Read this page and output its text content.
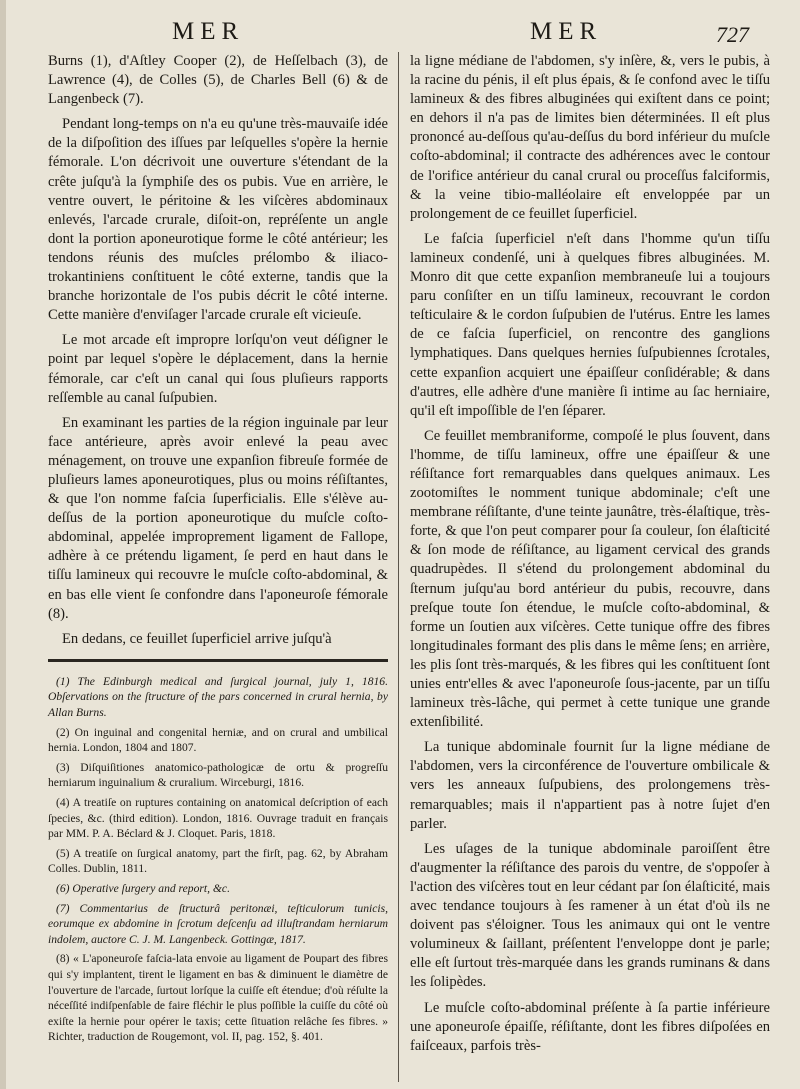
MER	MER	727

Burns (1), d'Aſtley Cooper (2), de Heſſelbach (3), de Lawrence (4), de Colles (5), de Charles Bell (6) & de Langenbeck (7).

Pendant long-temps on n'a eu qu'une très-mauvaiſe idée de la diſpoſition des iſſues par leſquelles s'opère la hernie fémorale. L'on décrivoit une ouverture s'étendant de la crête juſqu'à la ſymphiſe des os pubis. Vue en arrière, le ventre ouvert, le péritoine & les viſcères abdominaux enlevés, l'arcade crurale, diſoit-on, repréſente un angle dont la portion aponeurotique forme le côté antérieur; les tendons réunis des muſcles prélombo & iliaco-trokantiniens conſtituent le côté externe, tandis que la branche horizontale de l'os pubis décrit le côté interne. Cette manière d'enviſager l'arcade crurale eſt vicieuſe.

Le mot arcade eſt impropre lorſqu'on veut déſigner le point par lequel s'opère le déplacement, dans la hernie fémorale, car c'eſt un canal qui ſous pluſieurs rapports reſſemble au canal ſuſpubien.

En examinant les parties de la région inguinale par leur face antérieure, après avoir enlevé la peau avec ménagement, on trouve une expanſion fibreuſe formée de pluſieurs lames aponeurotiques, plus ou moins réſiſtantes, & que l'on nomme faſcia ſuperficialis. Elle s'élève au-deſſus de la portion aponeurotique du muſcle coſto-abdominal, appelée improprement ligament de Fallope, adhère à ce prétendu ligament, ſe perd en haut dans le tiſſu lamineux qui recouvre le muſcle coſto-abdominal, & en bas elle vient ſe confondre dans l'aponeuroſe fémorale (8).

En dedans, ce feuillet ſuperficiel arrive juſqu'à

(1) The Edinburgh medical and ſurgical journal, july 1, 1816. Obſervations on the ſtructure of the pars concerned in crural hernia, by Allan Burns.

(2) On inguinal and congenital herniæ, and on crural and umbilical hernia. London, 1804 and 1807.

(3) Diſquiſitiones anatomico-pathologicæ de ortu & progreſſu herniarum inguinalium & cruralium. Wirceburgi, 1816.

(4) A treatiſe on ruptures containing on anatomical deſcription of each ſpecies, &c. (third edition). London, 1816. Ouvrage traduit en français par MM. P. A. Béclard & J. Cloquet. Paris, 1818.

(5) A treatiſe on ſurgical anatomy, part the firſt, pag. 62, by Abraham Colles. Dublin, 1811.

(6) Operative ſurgery and report, &c.

(7) Commentarius de ſtructurâ peritonæi, teſticulorum tunicis, eorumque ex abdomine in ſcrotum deſcenſu ad illuſtrandam herniarum indolem, auctore C. J. M. Langenbeck. Gottingæ, 1817.

(8) « L'aponeuroſe faſcia-lata envoie au ligament de Poupart des fibres qui s'y implantent, tirent le ligament en bas & diminuent le diamètre de l'ouverture de l'arcade, ſurtout lorſque la cuiſſe eſt étendue; d'où réſulte la néceſſité indiſpenſable de faire fléchir le plus poſſible la cuiſſe du côté où exiſte la hernie pour opérer le taxis; cette ſituation relâche ſes fibres. » Richter, traduction de Rougemont, vol. II, pag. 152, §. 401.

la ligne médiane de l'abdomen, s'y inſère, &, vers le pubis, à la racine du pénis, il eſt plus épais, & ſe confond avec le tiſſu lamineux & des fibres albuginées qui exiſtent dans ce point; en dehors il n'a pas de limites bien déterminées. Il eſt plus prononcé au-deſſous qu'au-deſſus du bord inférieur du muſcle coſto-abdominal; il contracte des adhérences avec le contour de l'orifice antérieur du canal crural ou proceſſus falciformis, & la veine tibio-malléolaire eſt enveloppée par un prolongement de ce feuillet ſuperficiel.

Le faſcia ſuperficiel n'eſt dans l'homme qu'un tiſſu lamineux condenſé, uni à quelques fibres albuginées. M. Monro dit que cette expanſion membraneuſe lui a toujours paru conſiſter en un tiſſu lamineux, recouvrant le cordon teſticulaire & le cordon ſuſpubien de l'utérus. Entre les lames de ce faſcia ſuperficiel, on rencontre des ganglions lymphatiques. Dans quelques hernies ſuſpubiennes ſcrotales, cette expanſion acquiert une épaiſſeur conſidérable; & dans d'autres, elle adhère d'une manière ſi intime au ſac herniaire, qu'il eſt impoſſible de l'en ſéparer.

Ce feuillet membraniforme, compoſé le plus ſouvent, dans l'homme, de tiſſu lamineux, offre une épaiſſeur & une réſiſtance fort remarquables dans quelques animaux. Les zootomiſtes le nomment tunique abdominale; c'eſt une membrane réſiſtante, d'une teinte jaunâtre, très-élaſtique, très-forte, & que l'on peut comparer pour ſa couleur, ſon élaſticité & ſon mode de réſiſtance, au ligament cervical des grands quadrupèdes. Il s'étend du prolongement abdominal du ſternum juſqu'au bord antérieur du pubis, recouvre, dans preſque toute ſon étendue, le muſcle coſto-abdominal, & forme un ſoutien aux viſcères. Cette tunique offre des fibres longitudinales formant des plis dans le même ſens; en arrière, les plis ſont très-marqués, & les fibres qui les conſtituent ſont unies entr'elles & avec l'aponeuroſe ſous-jacente, par un tiſſu lamineux très-lâche, qui permet à cette tunique une grande extenſibilité.

La tunique abdominale fournit ſur la ligne médiane de l'abdomen, vers la circonférence de l'ouverture ombilicale & vers les anneaux ſuſpubiens, des prolongemens très-remarquables; mais il n'appartient pas à notre ſujet d'en parler.

Les uſages de la tunique abdominale paroiſſent être d'augmenter la réſiſtance des parois du ventre, de s'oppoſer à l'action des viſcères tout en leur cédant par ſon élaſticité, mais avec tendance toujours à ſes ramener à un état d'où ils ne doivent pas s'éloigner. Tous les animaux qui ont le ventre volumineux & ſaillant, préſentent l'enveloppe dont je parle; elle eſt ſurtout très-marquée dans les grands ruminans & dans les ſolipèdes.

Le muſcle coſto-abdominal préſente à ſa partie inférieure une aponeuroſe épaiſſe, réſiſtante, dont les fibres diſpoſées en faiſceaux, parfois très-
